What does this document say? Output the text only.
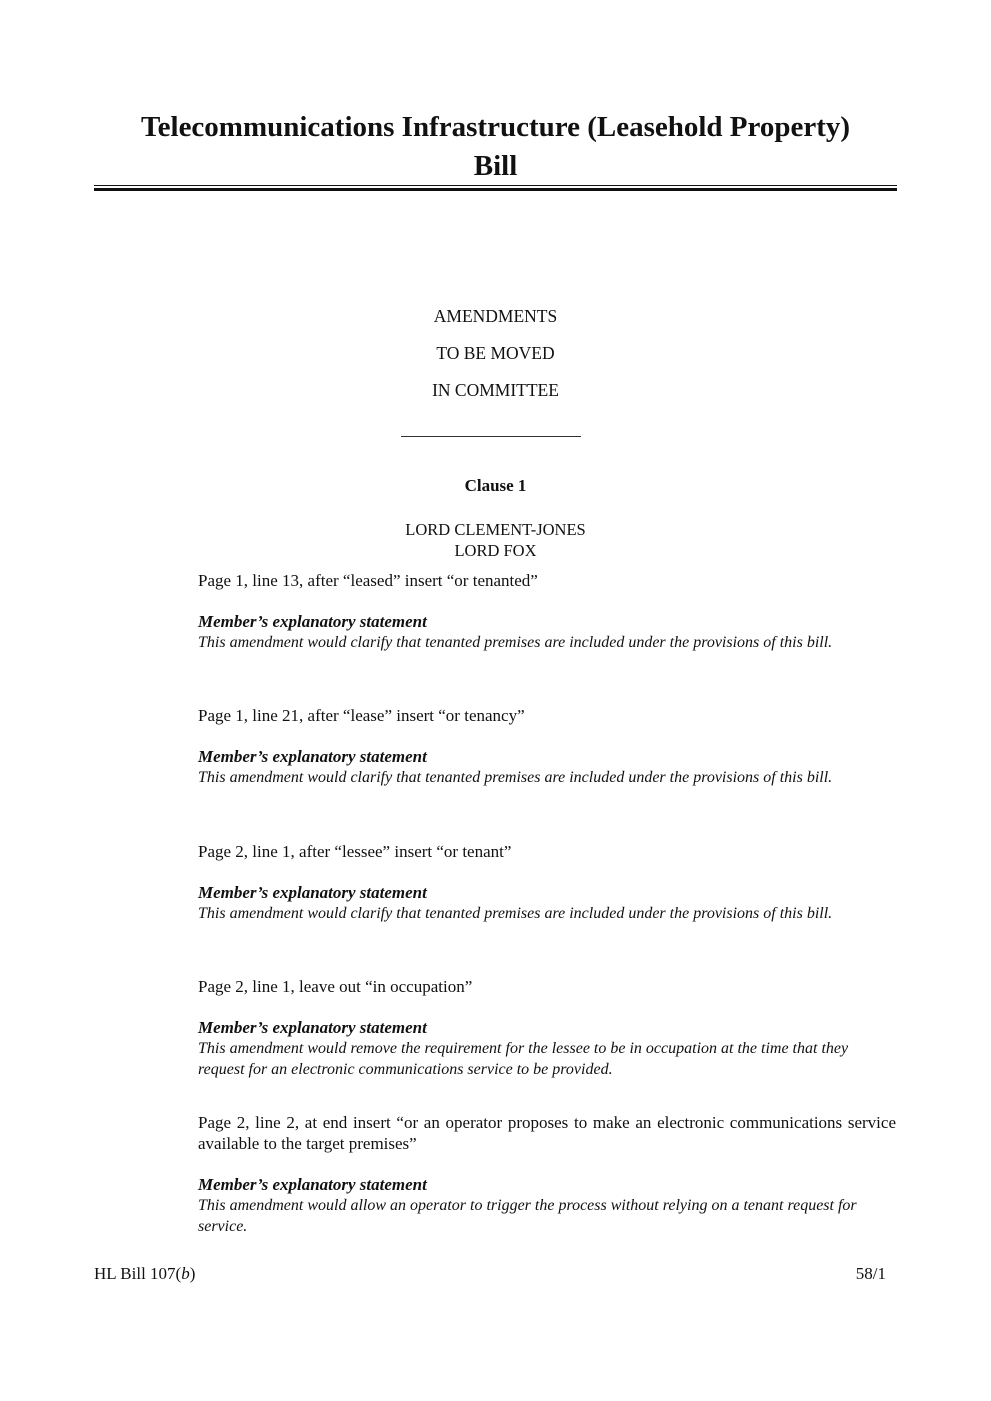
Telecommunications Infrastructure (Leasehold Property)
Bill
AMENDMENTS
TO BE MOVED
IN COMMITTEE
Clause 1
LORD CLEMENT-JONES
LORD FOX
Page 1, line 13, after “leased” insert “or tenanted”
Member’s explanatory statement
This amendment would clarify that tenanted premises are included under the provisions of this bill.
Page 1, line 21, after “lease” insert “or tenancy”
Member’s explanatory statement
This amendment would clarify that tenanted premises are included under the provisions of this bill.
Page 2, line 1, after “lessee” insert “or tenant”
Member’s explanatory statement
This amendment would clarify that tenanted premises are included under the provisions of this bill.
Page 2, line 1, leave out “in occupation”
Member’s explanatory statement
This amendment would remove the requirement for the lessee to be in occupation at the time that they request for an electronic communications service to be provided.
Page 2, line 2, at end insert “or an operator proposes to make an electronic communications service available to the target premises”
Member’s explanatory statement
This amendment would allow an operator to trigger the process without relying on a tenant request for service.
HL Bill 107(b)	58/1
